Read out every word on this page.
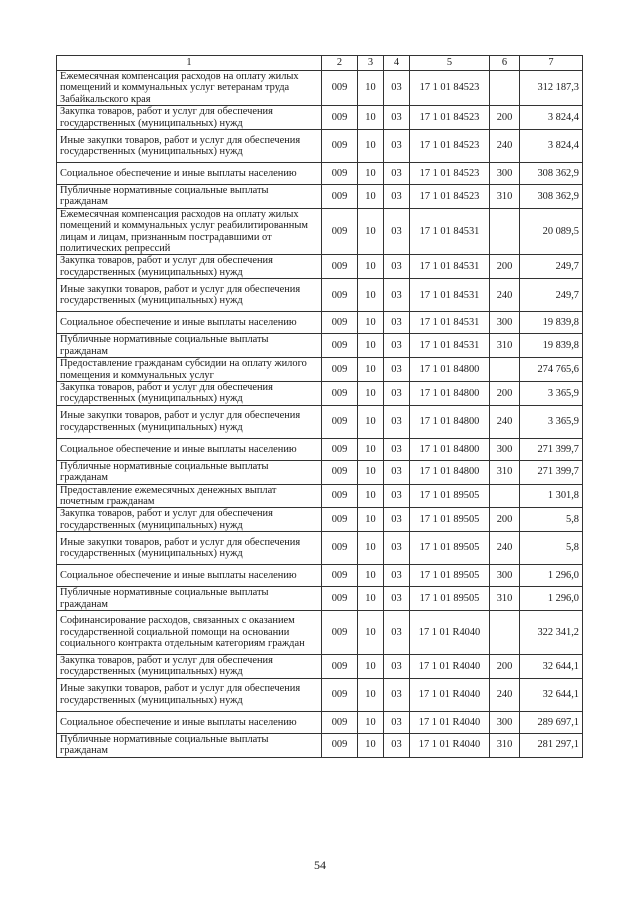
1	2	3	4	5	6	7
Ежемесячная компенсация расходов на оплату жилых помещений и коммунальных услуг ветеранам труда Забайкальского края	009	10	03	17 1 01 84523		312 187,3
Закупка товаров, работ и услуг для обеспечения государственных (муниципальных) нужд	009	10	03	17 1 01 84523	200	3 824,4
Иные закупки товаров, работ и услуг для обеспечения государственных (муниципальных) нужд	009	10	03	17 1 01 84523	240	3 824,4
Социальное обеспечение и иные выплаты населению	009	10	03	17 1 01 84523	300	308 362,9
Публичные нормативные социальные выплаты гражданам	009	10	03	17 1 01 84523	310	308 362,9
Ежемесячная компенсация расходов на оплату жилых помещений и коммунальных услуг реабилитированным лицам и лицам, признанным пострадавшими от политических репрессий	009	10	03	17 1 01 84531		20 089,5
Закупка товаров, работ и услуг для обеспечения государственных (муниципальных) нужд	009	10	03	17 1 01 84531	200	249,7
Иные закупки товаров, работ и услуг для обеспечения государственных (муниципальных) нужд	009	10	03	17 1 01 84531	240	249,7
Социальное обеспечение и иные выплаты населению	009	10	03	17 1 01 84531	300	19 839,8
Публичные нормативные социальные выплаты гражданам	009	10	03	17 1 01 84531	310	19 839,8
Предоставление гражданам субсидии на оплату жилого помещения и коммунальных услуг	009	10	03	17 1 01 84800		274 765,6
Закупка товаров, работ и услуг для обеспечения государственных (муниципальных) нужд	009	10	03	17 1 01 84800	200	3 365,9
Иные закупки товаров, работ и услуг для обеспечения государственных (муниципальных) нужд	009	10	03	17 1 01 84800	240	3 365,9
Социальное обеспечение и иные выплаты населению	009	10	03	17 1 01 84800	300	271 399,7
Публичные нормативные социальные выплаты гражданам	009	10	03	17 1 01 84800	310	271 399,7
Предоставление ежемесячных денежных выплат почетным гражданам	009	10	03	17 1 01 89505		1 301,8
Закупка товаров, работ и услуг для обеспечения государственных (муниципальных) нужд	009	10	03	17 1 01 89505	200	5,8
Иные закупки товаров, работ и услуг для обеспечения государственных (муниципальных) нужд	009	10	03	17 1 01 89505	240	5,8
Социальное обеспечение и иные выплаты населению	009	10	03	17 1 01 89505	300	1 296,0
Публичные нормативные социальные выплаты гражданам	009	10	03	17 1 01 89505	310	1 296,0
Софинансирование расходов, связанных с оказанием государственной социальной помощи на основании социального контракта отдельным категориям граждан	009	10	03	17 1 01 R4040		322 341,2
Закупка товаров, работ и услуг для обеспечения государственных (муниципальных) нужд	009	10	03	17 1 01 R4040	200	32 644,1
Иные закупки товаров, работ и услуг для обеспечения государственных (муниципальных) нужд	009	10	03	17 1 01 R4040	240	32 644,1
Социальное обеспечение и иные выплаты населению	009	10	03	17 1 01 R4040	300	289 697,1
Публичные нормативные социальные выплаты гражданам	009	10	03	17 1 01 R4040	310	281 297,1
54
